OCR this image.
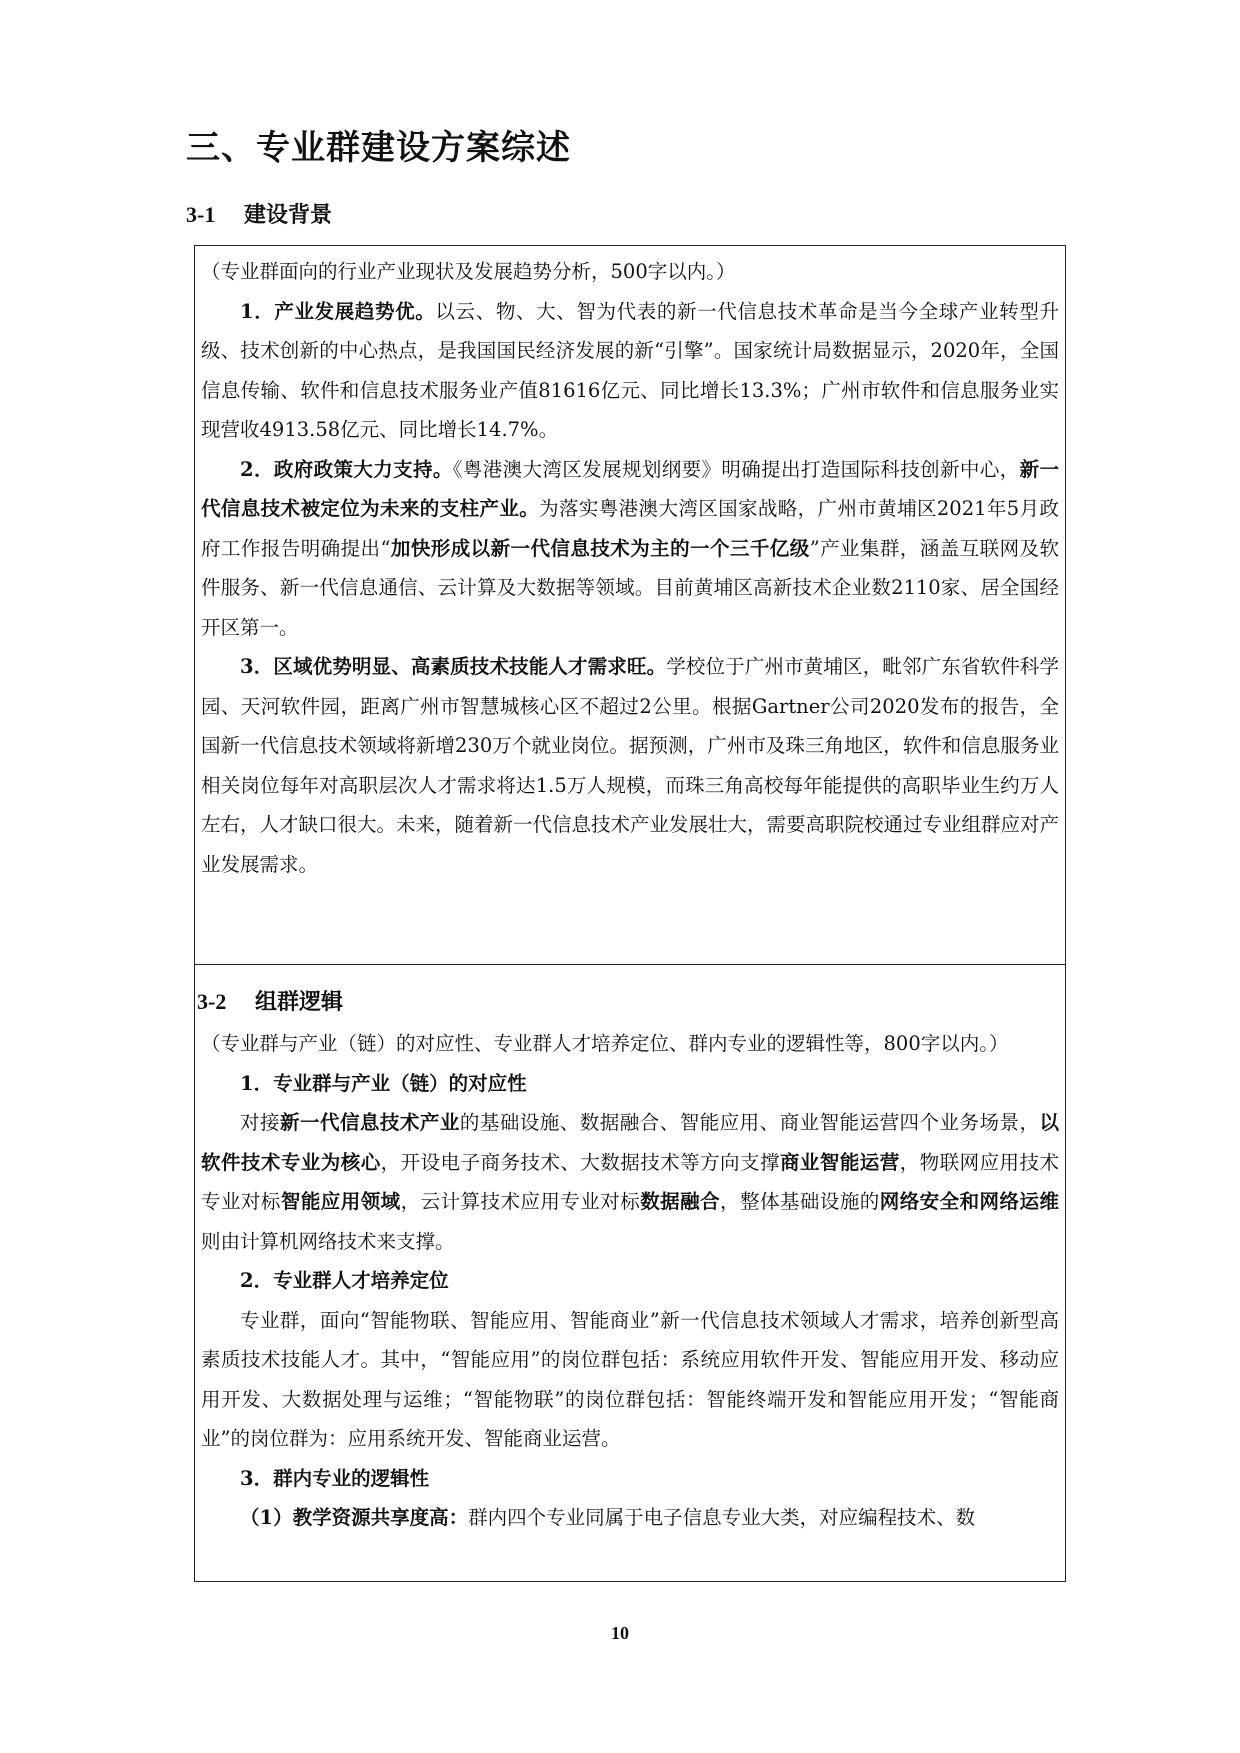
三、专业群建设方案综述
3-1 建设背景

（专业群面向的行业产业现状及发展趋势分析，500字以内。）

1．产业发展趋势优。以云、物、大、智为代表的新一代信息技术革命是当今全球产业转型升级、技术创新的中心热点，是我国国民经济发展的新“引擎”。国家统计局数据显示，2020年，全国信息传输、软件和信息技术服务业产值81616亿元、同比增长13.3%；广州市软件和信息服务业实现营收4913.58亿元、同比增长14.7%。

2．政府政策大力支持。《粤港澳大湾区发展规划纲要》明确提出打造国际科技创新中心，新一代信息技术被定位为未来的支柱产业。为落实粤港澳大湾区国家战略，广州市黄埔区2021年5月政府工作报告明确提出“加快形成以新一代信息技术为主的一个三千亿级”产业集群，涵盖互联网及软件服务、新一代信息通信、云计算及大数据等领域。目前黄埔区高新技术企业数2110家、居全国经开区第一。

3．区域优势明显、高素质技术技能人才需求旺。学校位于广州市黄埔区，毗邻广东省软件科学园、天河软件园，距离广州市智慧城核心区不超过2公里。根据Gartner公司2020发布的报告，全国新一代信息技术领域将新增230万个就业岗位。据预测，广州市及珠三角地区，软件和信息服务业相关岗位每年对高职层次人才需求将达1.5万人规模，而珠三角高校每年能提供的高职毕业生约万人左右，人才缺口很大。未来，随着新一代信息技术产业发展壮大，需要高职院校通过专业组群应对产业发展需求。

3-2 组群逻辑

（专业群与产业（链）的对应性、专业群人才培养定位、群内专业的逻辑性等，800字以内。）

1．专业群与产业（链）的对应性

对接新一代信息技术产业的基础设施、数据融合、智能应用、商业智能运营四个业务场景，以软件技术专业为核心，开设电子商务技术、大数据技术等方向支撑商业智能运营，物联网应用技术专业对标智能应用领域，云计算技术应用专业对标数据融合，整体基础设施的网络安全和网络运维则由计算机网络技术来支撑。

2．专业群人才培养定位

专业群，面向“智能物联、智能应用、智能商业”新一代信息技术领域人才需求，培养创新型高素质技术技能人才。其中，“智能应用”的岗位群包括：系统应用软件开发、智能应用开发、移动应用开发、大数据处理与运维；“智能物联”的岗位群包括：智能终端开发和智能应用开发；“智能商业”的岗位群为：应用系统开发、智能商业运营。

3．群内专业的逻辑性

（1）教学资源共享度高：群内四个专业同属于电子信息专业大类，对应编程技术、数

10
